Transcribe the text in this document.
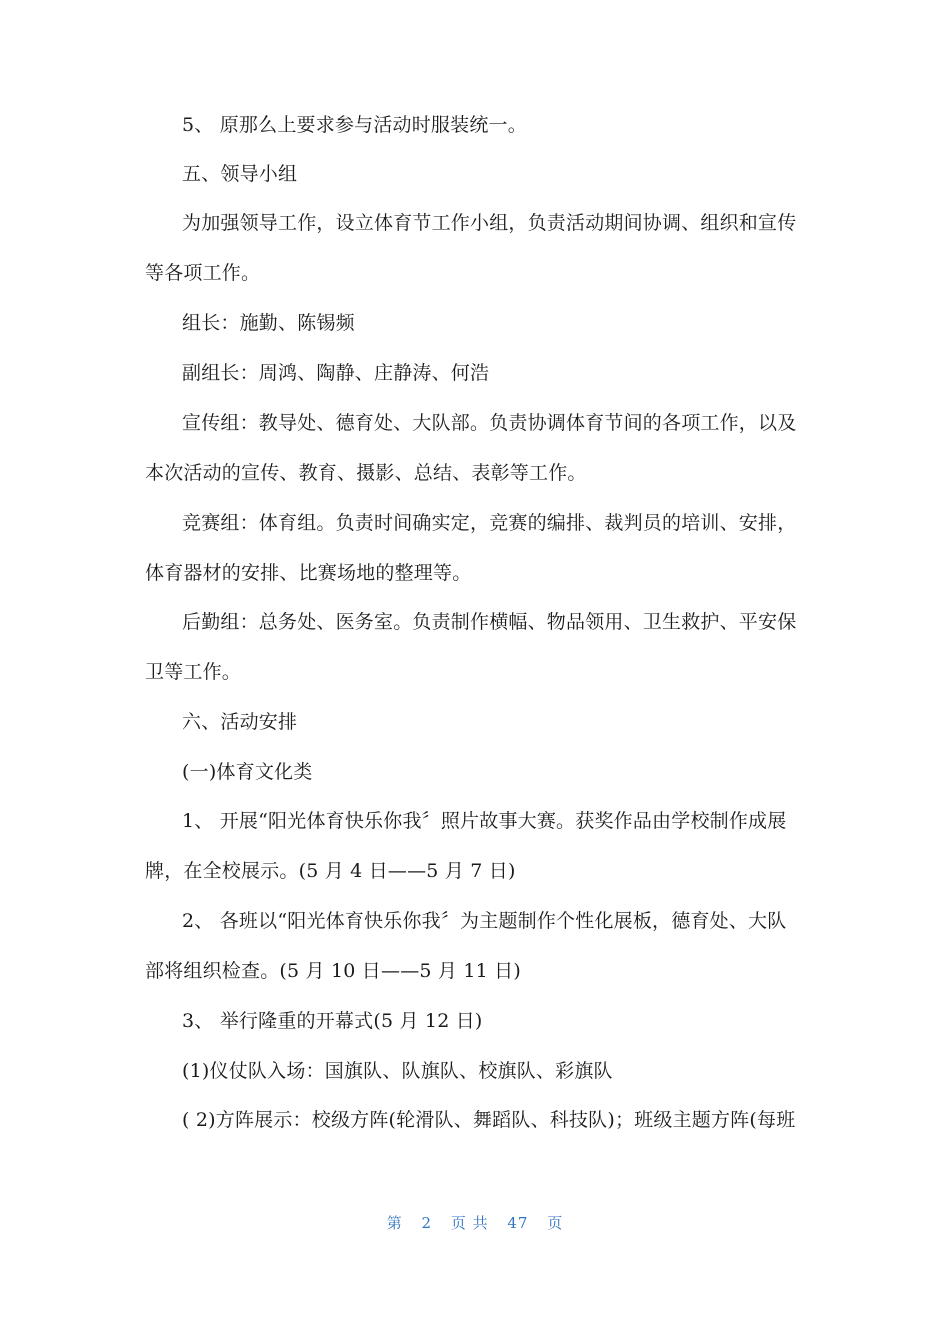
5、 原那么上要求参与活动时服装统一。
五、领导小组
为加强领导工作，设立体育节工作小组，负责活动期间协调、组织和宣传
等各项工作。
组长：施勤、陈锡频
副组长：周鸿、陶静、庄静涛、何浩
宣传组：教导处、德育处、大队部。负责协调体育节间的各项工作，以及
本次活动的宣传、教育、摄影、总结、表彰等工作。
竞赛组：体育组。负责时间确实定，竞赛的编排、裁判员的培训、安排，
体育器材的安排、比赛场地的整理等。
后勤组：总务处、医务室。负责制作横幅、物品领用、卫生救护、平安保
卫等工作。
六、活动安排
(一)体育文化类
1、 开展“阳光体育快乐你我〞照片故事大赛。获奖作品由学校制作成展
牌，在全校展示。(5 月 4 日——5 月 7 日)
2、 各班以“阳光体育快乐你我〞为主题制作个性化展板，德育处、大队
部将组织检查。(5 月 10 日——5 月 11 日)
3、 举行隆重的开幕式(5 月 12 日)
(1)仪仗队入场：国旗队、队旗队、校旗队、彩旗队
( 2)方阵展示：校级方阵(轮滑队、舞蹈队、科技队)；班级主题方阵(每班
第 2 页 共 47 页
